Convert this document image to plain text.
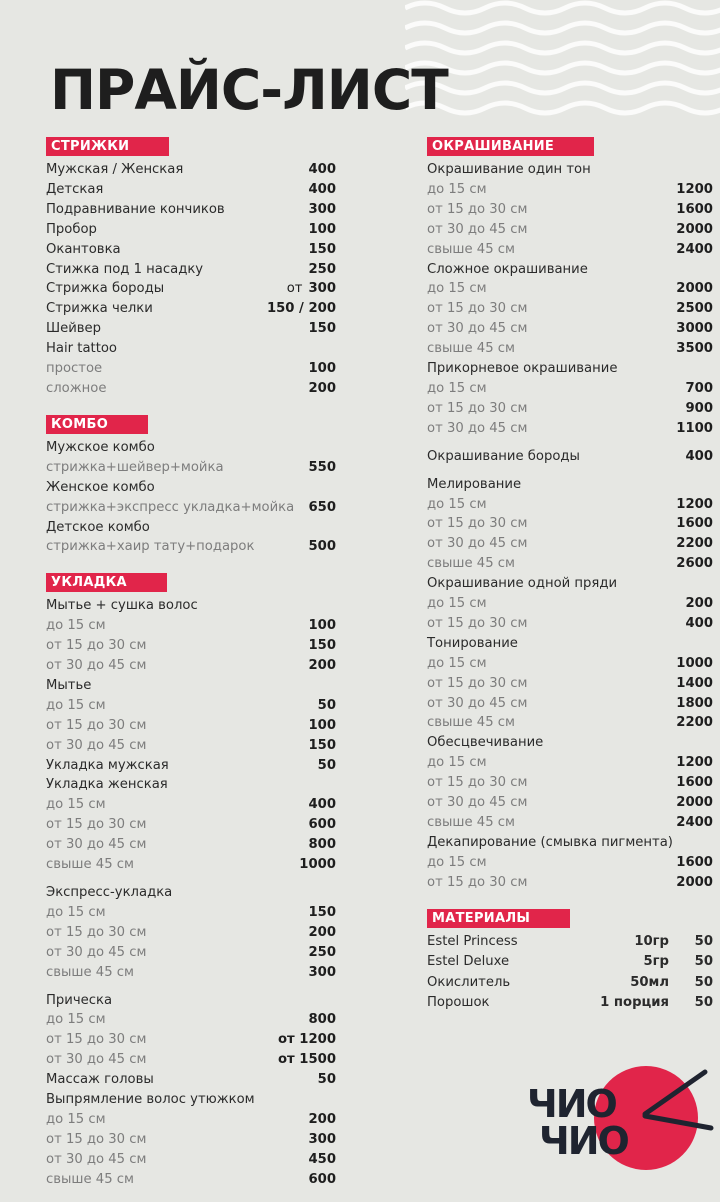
ПРАЙС-ЛИСТ
СТРИЖКИ
Мужская / Женская	400
Детская	400
Подравнивание кончиков	300
Пробор	100
Окантовка	150
Стижка под 1 насадку	250
Стрижка бороды	от 300
Стрижка челки	150 / 200
Шейвер	150
Hair tattoo
простое	100
сложное	200
КОМБО
Мужское комбо
стрижка+шейвер+мойка	550
Женское комбо
стрижка+экспресс укладка+мойка 650
Детское комбо
стрижка+хаир тату+подарок	500
УКЛАДКА
Мытье + сушка волос
до 15 см	100
от 15 до 30 см	150
от 30 до 45 см	200
Мытье
до 15 см	50
от 15 до 30 см	100
от 30 до 45 см	150
Укладка мужская	50
Укладка женская
до 15 см	400
от 15 до 30 см	600
от 30 до 45 см	800
свыше 45 см	1000
Экспресс-укладка
до 15 см	150
от 15 до 30 см	200
от 30 до 45 см	250
свыше 45 см	300
Прическа
до 15 см	800
от 15 до 30 см	от 1200
от 30 до 45 см	от 1500
Массаж головы	50
Выпрямление волос утюжком
до 15 см	200
от 15 до 30 см	300
от 30 до 45 см	450
свыше 45 см	600
ОКРАШИВАНИЕ
Окрашивание один тон
до 15 см	1200
от 15 до 30 см	1600
от 30 до 45 см	2000
свыше 45 см	2400
Сложное окрашивание
до 15 см	2000
от 15 до 30 см	2500
от 30 до 45 см	3000
свыше 45 см	3500
Прикорневое окрашивание
до 15 см	700
от 15 до 30 см	900
от 30 до 45 см	1100
Окрашивание бороды	400
Мелирование
до 15 см	1200
от 15 до 30 см	1600
от 30 до 45 см	2200
свыше 45 см	2600
Окрашивание одной пряди
до 15 см	200
от 15 до 30 см	400
Тонирование
до 15 см	1000
от 15 до 30 см	1400
от 30 до 45 см	1800
свыше 45 см	2200
Обесцвечивание
до 15 см	1200
от 15 до 30 см	1600
от 30 до 45 см	2000
свыше 45 см	2400
Декапирование (смывка пигмента)
до 15 см	1600
от 15 до 30 см	2000
МАТЕРИАЛЫ
Estel Princess	10гр	50
Estel Deluxe	5гр	50
Окислитель	50мл	50
Порошок	1 порция	50
ЧИО
ЧИО
